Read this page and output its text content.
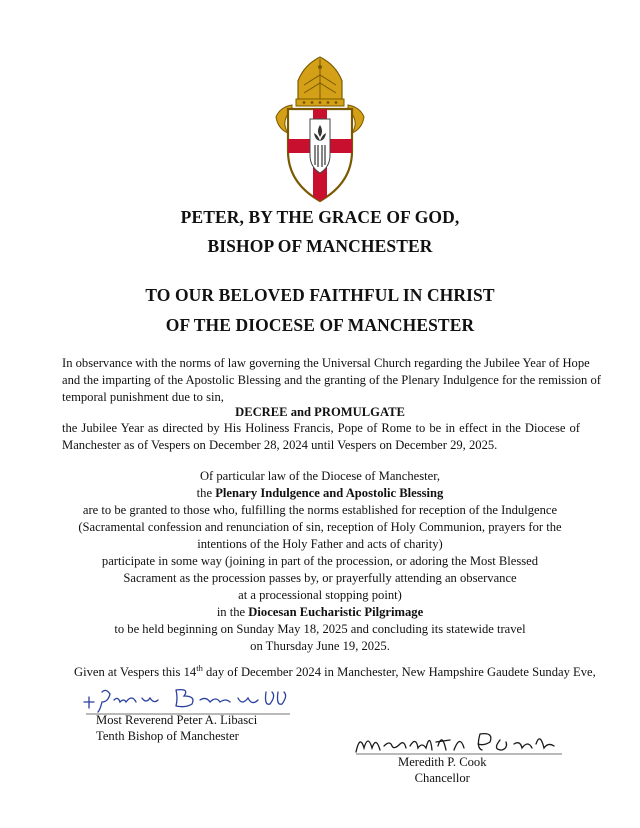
PETER, BY THE GRACE OF GOD,
BISHOP OF MANCHESTER
TO OUR BELOVED FAITHFUL IN CHRIST
OF THE DIOCESE OF MANCHESTER
In observance with the norms of law governing the Universal Church regarding the Jubilee Year of Hope
and the imparting of the Apostolic Blessing and the granting of the Plenary Indulgence for the remission of
temporal punishment due to sin,
DECREE and PROMULGATE
the Jubilee Year as directed by His Holiness Francis, Pope of Rome to be in effect in the Diocese of
Manchester as of Vespers on December 28, 2024 until Vespers on December 29, 2025.
Of particular law of the Diocese of Manchester,
the Plenary Indulgence and Apostolic Blessing
are to be granted to those who, fulfilling the norms established for reception of the Indulgence
(Sacramental confession and renunciation of sin, reception of Holy Communion, prayers for the
intentions of the Holy Father and acts of charity)
participate in some way (joining in part of the procession, or adoring the Most Blessed
Sacrament as the procession passes by, or prayerfully attending an observance
at a processional stopping point)
in the Diocesan Eucharistic Pilgrimage
to be held beginning on Sunday May 18, 2025 and concluding its statewide travel
on Thursday June 19, 2025.
Given at Vespers this 14th day of December 2024 in Manchester, New Hampshire Gaudete Sunday Eve,
Most Reverend Peter A. Libasci
Tenth Bishop of Manchester
Meredith P. Cook
Chancellor
